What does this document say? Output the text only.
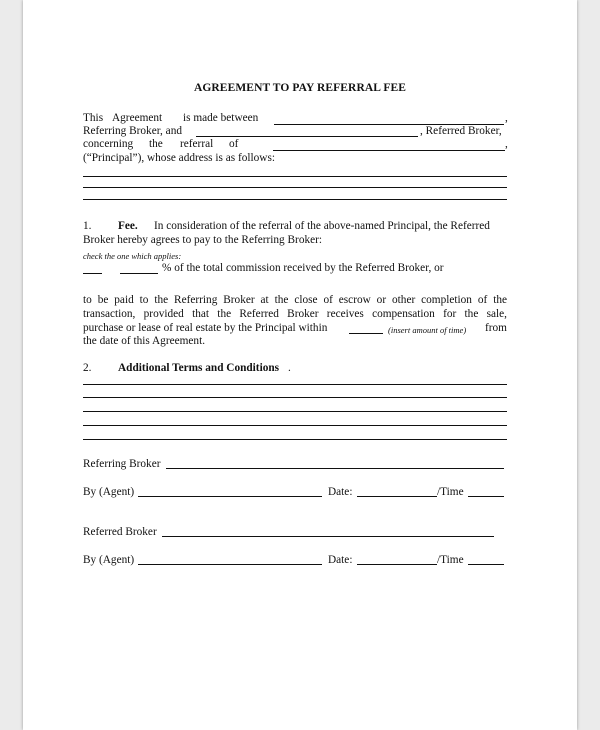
AGREEMENT TO PAY REFERRAL FEE
This Agreement is made between	,
Referring Broker, and	, Referred Broker,
concerning the referral of	,
(“Principal”), whose address is as follows:
1. Fee. In consideration of the referral of the above-named Principal, the Referred
Broker hereby agrees to pay to the Referring Broker:
check the one which applies:
% of the total commission received by the Referred Broker, or
to be paid to the Referring Broker at the close of escrow or other completion of the
transaction, provided that the Referred Broker receives compensation for the sale,
purchase or lease of real estate by the Principal within	(insert amount of time) from
the date of this Agreement.
2. Additional Terms and Conditions .
Referring Broker
By (Agent)	Date:	/Time
Referred Broker
By (Agent)	Date:	/Time
